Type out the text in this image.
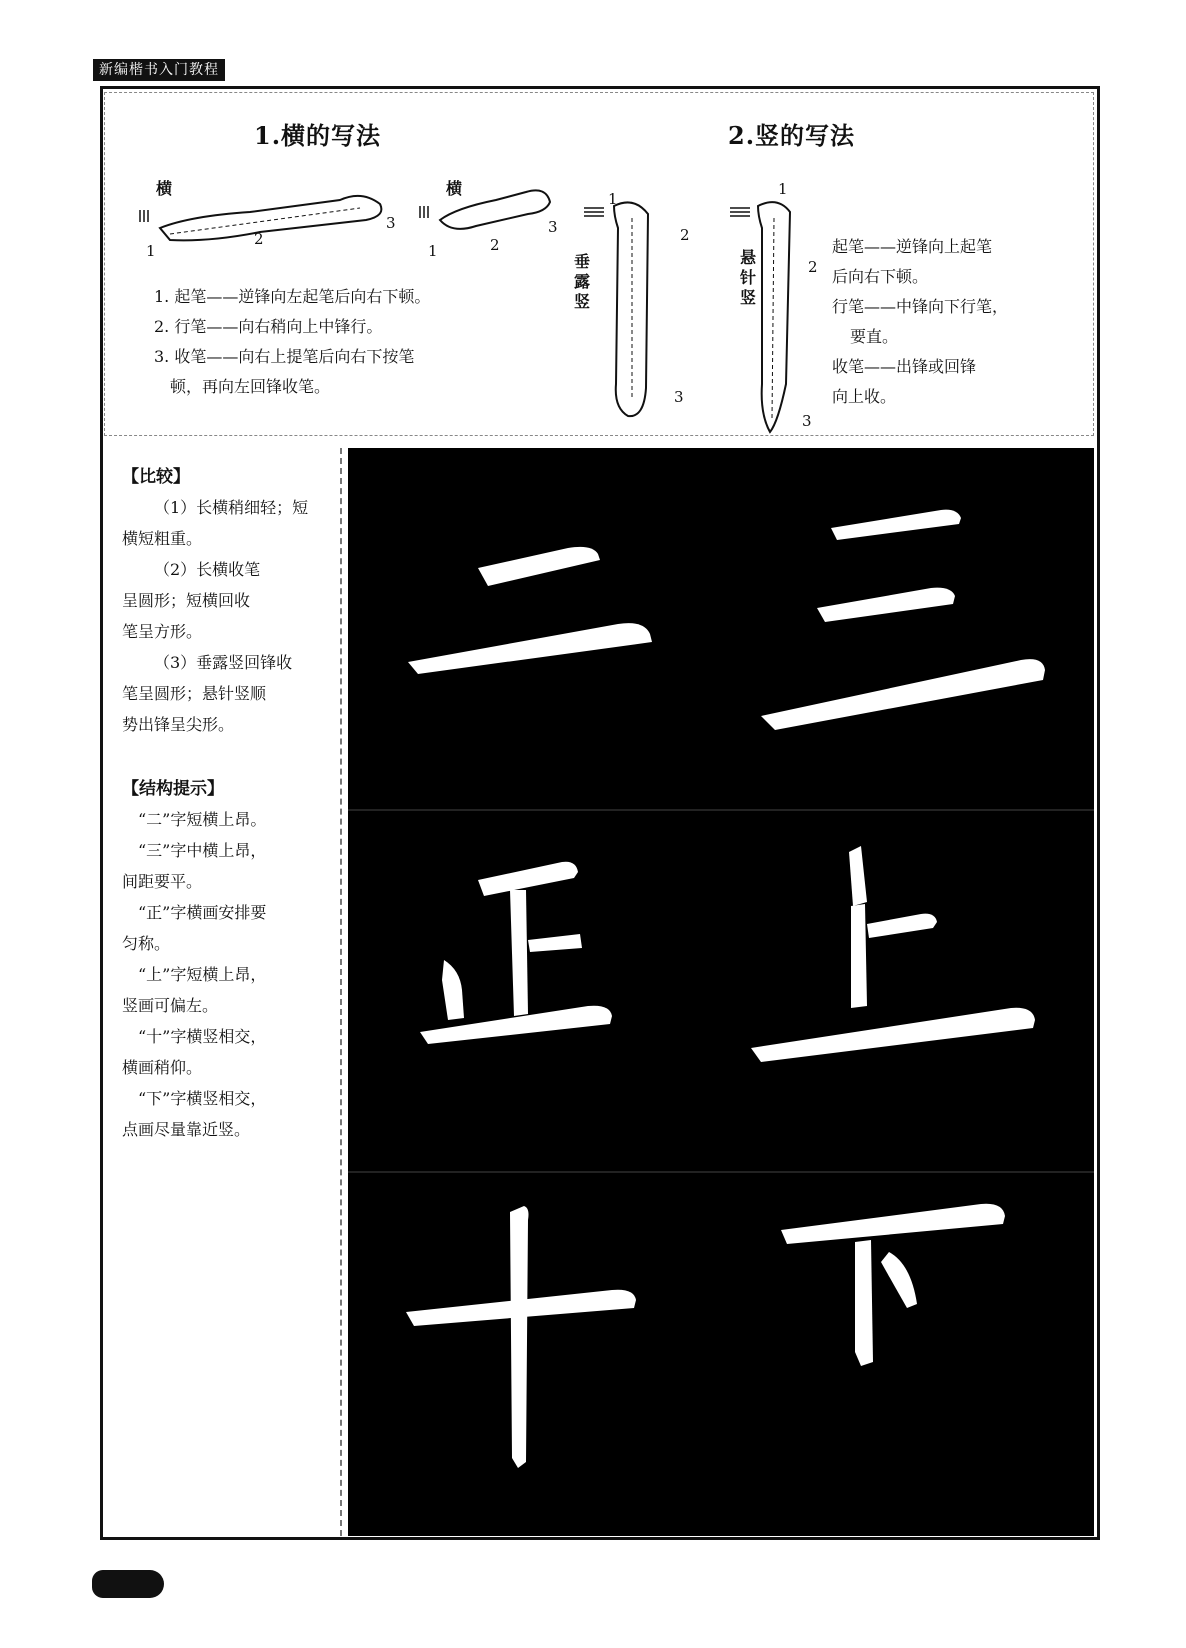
新编楷书入门教程
1.横的写法	2.竖的写法
横	横
1
2
3
1	2
3
1. 起笔——逆锋向左起笔后向右下顿。
2. 行笔——向右稍向上中锋行。
3. 收笔——向右上提笔后向右下按笔
顿，再向左回锋收笔。
垂露竖
1
2
3
悬针竖
1
2
3
起笔——逆锋向上起笔
后向右下顿。
行笔——中锋向下行笔，
要直。
收笔——出锋或回锋
向上收。
【比较】
（1）长横稍细轻；短
横短粗重。
（2）长横收笔
呈圆形；短横回收
笔呈方形。
（3）垂露竖回锋收
笔呈圆形；悬针竖顺
势出锋呈尖形。
【结构提示】
“二”字短横上昂。
“三”字中横上昂，
间距要平。
“正”字横画安排要
匀称。
“上”字短横上昂，
竖画可偏左。
“十”字横竖相交，
横画稍仰。
“下”字横竖相交，
点画尽量靠近竖。
